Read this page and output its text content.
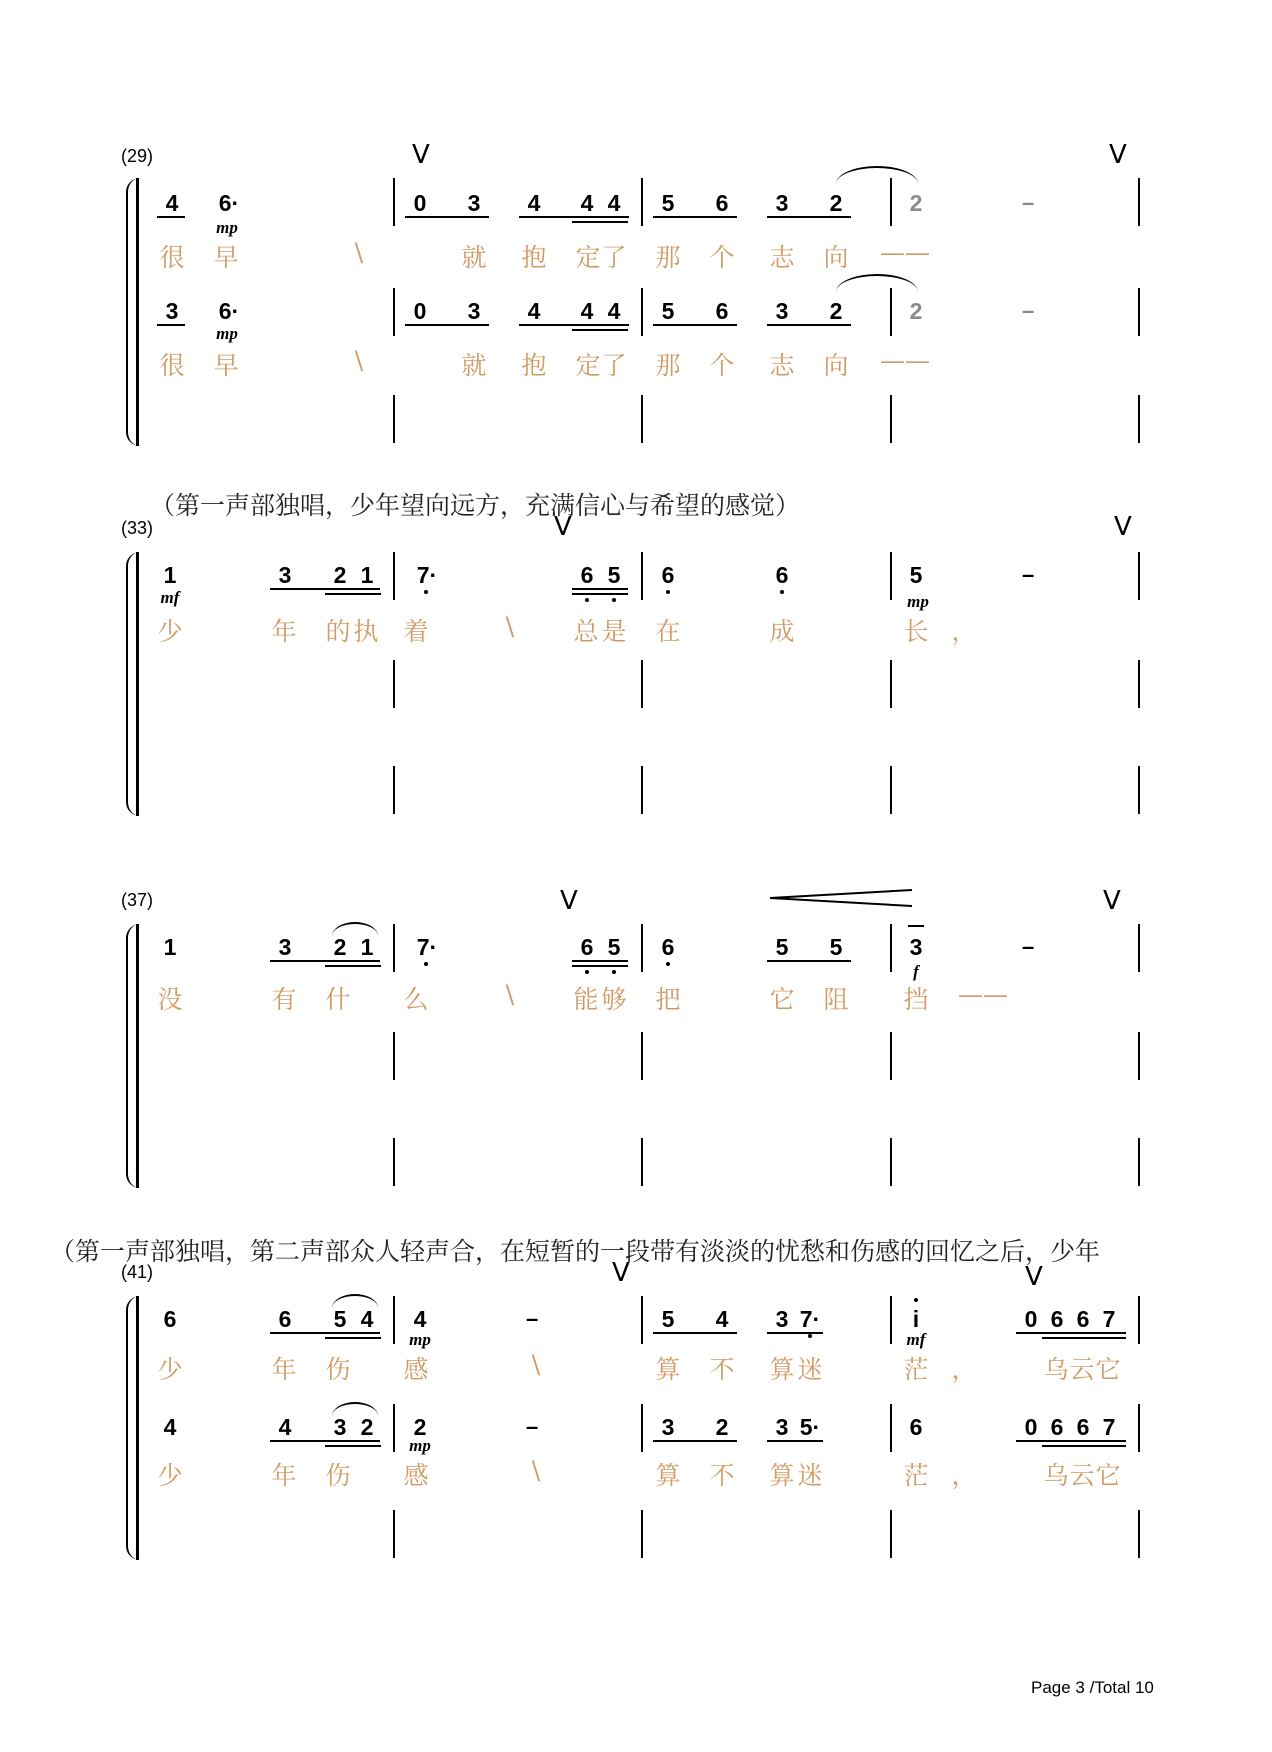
(29)	V	V
4	6·	0	3	4	4 4	5	6	3	2	2	–
mp
很 早	\	就 抱 定 了 那 个 志 向 ——
3	6·	0	3	4	4 4	5	6	3	2	2	–
mp
很 早	\	就 抱 定 了 那 个 志 向 ——
（第一声部独唱，少年望向远方，充满信心与希望的感觉）
(33)	V	V
1	3	2 1	7·	6 5	6	6	5	–
mf	mp
少	年 的 执 着	\	总 是 在	成	长 ，
(37)	V	V
1	3	2 1	7·	6 5	6	5	5	3	–
f
没	有 什 么	\	能 够 把	它 阻 挡 ——
（第一声部独唱，第二声部众人轻声合，在短暂的一段带有淡淡的忧愁和伤感的回忆之后，少年
(41)	V	V
6	6	5 4	4	–	5	4	3 7·	i	0 6 6 7
mp	mf
少	年 伤 感	\	算 不 算 迷	茫 ，	乌 云 它
4	4	3 2	2	–	3	2	3 5·	6	0 6 6 7
mp
少	年 伤 感	\	算 不 算 迷	茫 ，	乌 云 它
Page 3 /Total 10
